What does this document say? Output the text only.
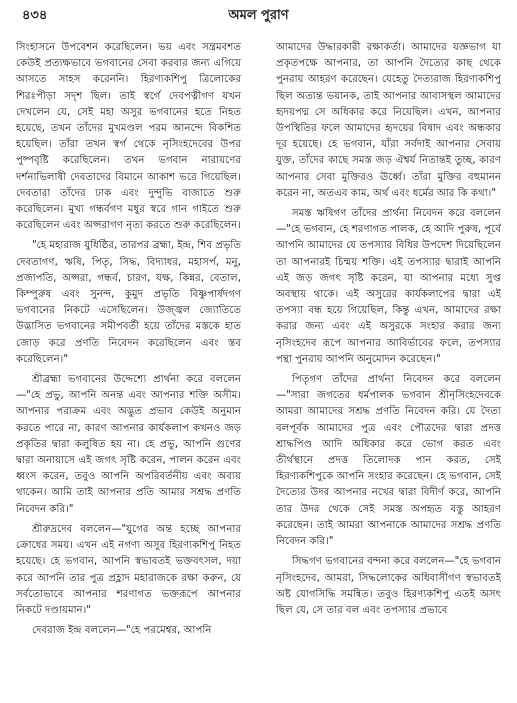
৪৩৪	অমল পুরাণ

সিংহাসনে উপবেশন করেছিলেন। ভয় এবং সন্ত্রমবশত কেউই প্রত্যক্ষভাবে ভগবানের সেবা করবার জন্য এগিয়ে আসতে সাহস করেননি। হিরণ্যকশিপু ত্রিলোকের শিরঃপীড়া সদৃশ ছিল। তাই স্বর্গে দেবপত্নীগণ যখন দেখলেন যে, সেই মহা অসুর ভগবানের হতে নিহত হয়েছে, তখন তাঁদের মুখমণ্ডল পরম আনন্দে বিকশিত হয়েছিল। তাঁরা তখন স্বর্গ থেকে নৃসিংহদেবের উপর পুষ্পবৃষ্টি করেছিলেন। তখন ভগবান নারায়ণের দর্শনাভিলাষী দেবতাদের বিমানে আকাশ ভরে গিয়েছিল। দেবতারা তাঁদের ঢাক এবং দুন্দুভি বাজাতে শুরু করেছিলেন। মুখ্য গন্ধর্বগণ মধুর স্বরে গান গাইতে শুরু করেছিলেন এবং অপ্সরাগণ নৃত্য করতে শুরু করেছিলেন।

"হে মহারাজ যুধিষ্ঠির, তারপর ব্রহ্মা, ইন্দ্র, শিব প্রভৃতি দেবতাগণ, ঋষি, পিতৃ, সিদ্ধ, বিদ্যাধর, মহাসর্প, মনু, প্রজাপতি, অপ্সরা, গন্ধর্ব, চারণ, যক্ষ, কিন্নর, বেতাল, কিম্পুরুষ এবং সুনন্দ, কুমুদ প্রভৃতি বিষ্ণুপার্ষদগণ ভগবানের নিকটে এসেছিলেন। উজ্জ্বল জ্যোতিতে উদ্ভাসিত ভগবানের সমীপবর্তী হয়ে তাঁদের মস্তকে হাত জোড় করে প্রণতি নিবেদন করেছিলেন এবং স্তব করেছিলেন।"

শ্রীব্রহ্মা ভগবানের উদ্দেশ্যে প্রার্থনা করে বললেন—"হে প্রভু, আপনি অনন্ত এবং আপনার শক্তি অসীম। আপনার পরাক্রম এবং অদ্ভুত প্রভাব কেউই অনুমান করতে পারে না, কারণ আপনার কার্যকলাপ কখনও জড় প্রকৃতির দ্বারা কলুষিত হয় না। হে প্রভু, আপনি গুণের দ্বারা অনায়াসে এই জগৎ সৃষ্টি করেন, পালন করেন এবং ধ্বংস করেন, তবুও আপনি অপরিবর্তনীয় এবং অব্যয় থাকেন। আমি তাই আপনার প্রতি আমার সশ্রদ্ধ প্রণতি নিবেদন করি।"

শ্রীরুদ্রদেব বললেন—"যুগের অন্ত হচ্ছে আপনার ক্রোধের সময়। এখন এই নগণ্য অসুর হিরণ্যকশিপু নিহত হয়েছে। হে ভগবান, আপনি স্বভাবতই ভক্তবৎসল, দয়া করে আপনি তার পুত্র প্রহ্লাদ মহারাজকে রক্ষা করুন, যে সর্বতোভাবে আপনার শরণাগত ভক্তরূপে আপনার নিকটে দণ্ডায়মান।"

দেবরাজ ইন্দ্র বললেন—"হে পরমেশ্বর, আপনি

আমাদের উদ্ধারকারী রক্ষাকর্তা। আমাদের যজ্ঞভাগ যা প্রকৃতপক্ষে আপনার, তা আপনি দৈত্যের কাছ থেকে পুনরায় আহরণ করেছেন। যেহেতু দৈত্যরাজ হিরণ্যকশিপু ছিল অত্যন্ত ভয়ানক, তাই আপনার আবাসস্থল আমাদের হৃদয়পদ্ম সে অধিকার করে নিয়েছিল। এখন, আপনার উপস্থিতির ফলে আমাদের হৃদয়ের বিষাদ এবং অন্ধকার দূর হয়েছে। হে ভগবান, যাঁরা সর্বদাই আপনার সেবায় যুক্ত, তাঁদের কাছে সমস্ত জড় ঐশ্বর্য নিতান্তই তুচ্ছ, কারণ আপনার সেবা মুক্তিরও ঊর্ধ্বে। তাঁরা মুক্তির বহুমানন করেন না, অতএব কাম, অর্থ এবং ধর্মের আর কি কথা।"

সমস্ত ঋষিগণ তাঁদের প্রার্থনা নিবেদন করে বললেন—"হে ভগবান, হে শরণাগত পালক, হে আদি পুরুষ, পূর্বে আপনি আমাদের যে তপস্যার বিধির উপদেশ দিয়েছিলেন তা আপনারই চিন্ময় শক্তি। এই তপস্যার দ্বারাই আপনি এই জড় জগৎ সৃষ্টি করেন, যা আপনার মধ্যে সুপ্ত অবস্থায় থাকে। এই অসুরের কার্যকলাপের দ্বারা এই তপস্যা বন্ধ হয়ে গিয়েছিল, কিন্তু এখন, আমাদের রক্ষা করার জন্য এবং এই অসুরকে সংহার করার জন্য নৃসিংহদেব রূপে আপনার আবির্ভাবের ফলে, তপস্যার পন্থা পুনরায় আপনি অনুমোদন করেছেন।"

পিতৃগণ তাঁদের প্রার্থনা নিবেদন করে বললেন—"সারা জগতের ধর্মপালক ভগবান শ্রীনৃসিংহদেবকে আমরা আমাদের সশ্রদ্ধ প্রণতি নিবেদন করি। যে দৈত্য বলপূর্বক আমাদের পুত্র এবং পৌত্রদের দ্বারা প্রদত্ত শ্রাদ্ধপিণ্ড আদি অধিকার করে ভোগ করত এবং তীর্থস্থানে প্রদত্ত তিলোদক পান করত, সেই হিরণ্যকশিপুকে আপনি সংহার করেছেন। হে ভগবান, সেই দৈত্যের উদর আপনার নখের দ্বারা বিদীর্ণ করে, আপনি তার উদর থেকে সেই সমস্ত অপহৃত বস্তু আহরণ করেছেন। তাই আমরা আপনাকে আমাদের সশ্রদ্ধ প্রণতি নিবেদন করি।"

সিদ্ধগণ ভগবানের বন্দনা করে বললেন—"হে ভগবান নৃসিংহদেব, আমরা, সিদ্ধলোকের অধিবাসীগণ স্বভাবতই অষ্ট যোগসিদ্ধি সমন্বিত। তবুও হিরণ্যকশিপু এতই অসৎ ছিল যে, সে তার বল এবং তপস্যার প্রভাবে
